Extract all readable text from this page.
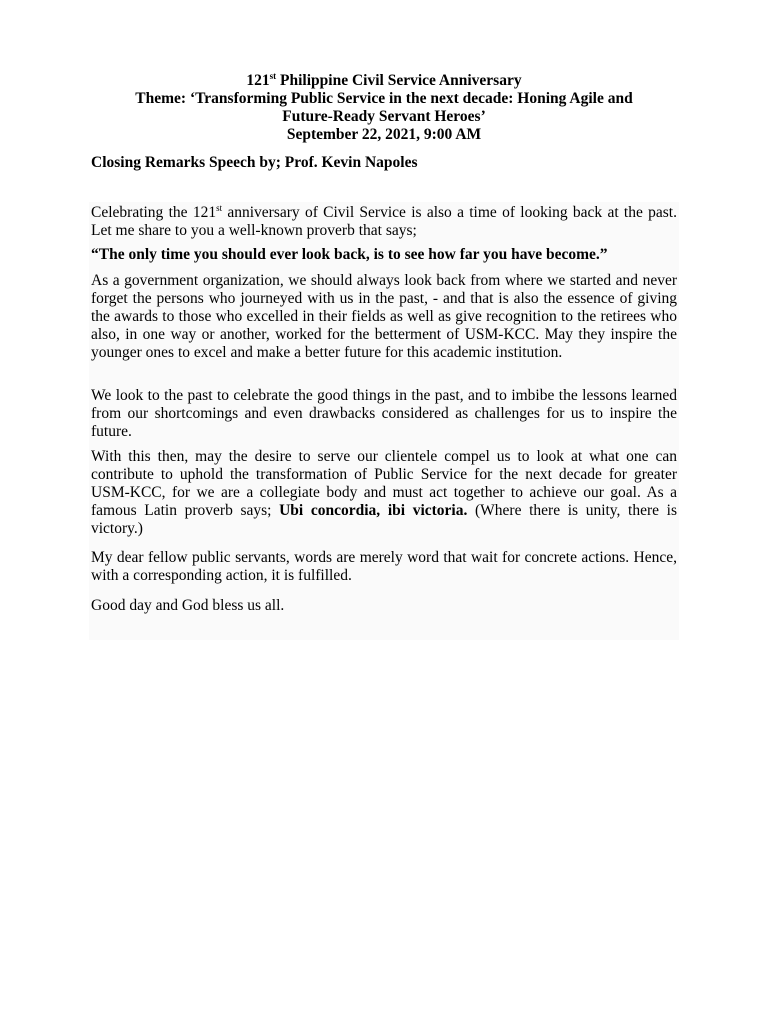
121st Philippine Civil Service Anniversary
Theme: ‘Transforming Public Service in the next decade: Honing Agile and
Future-Ready Servant Heroes’
September 22, 2021, 9:00 AM
Closing Remarks Speech by; Prof. Kevin Napoles

Celebrating the 121st anniversary of Civil Service is also a time of looking back at the past. Let me share to you a well-known proverb that says;

“The only time you should ever look back, is to see how far you have become.”

As a government organization, we should always look back from where we started and never forget the persons who journeyed with us in the past, - and that is also the essence of giving the awards to those who excelled in their fields as well as give recognition to the retirees who also, in one way or another, worked for the betterment of USM-KCC. May they inspire the younger ones to excel and make a better future for this academic institution.

We look to the past to celebrate the good things in the past, and to imbibe the lessons learned from our shortcomings and even drawbacks considered as challenges for us to inspire the future.

With this then, may the desire to serve our clientele compel us to look at what one can contribute to uphold the transformation of Public Service for the next decade for greater USM-KCC, for we are a collegiate body and must act together to achieve our goal. As a famous Latin proverb says; Ubi concordia, ibi victoria. (Where there is unity, there is victory.)

My dear fellow public servants, words are merely word that wait for concrete actions. Hence, with a corresponding action, it is fulfilled.

Good day and God bless us all.
